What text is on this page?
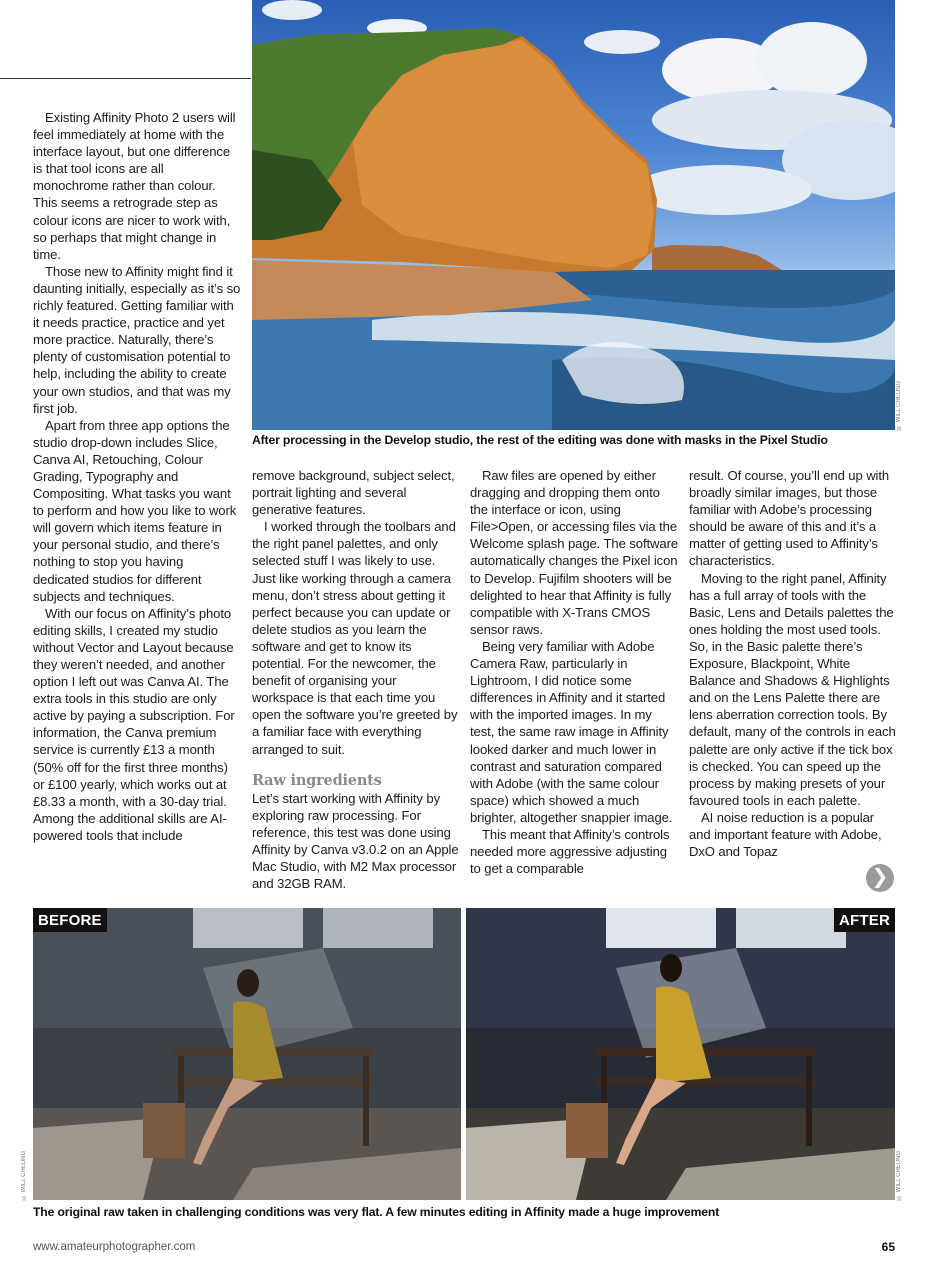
Existing Affinity Photo 2 users will feel immediately at home with the interface layout, but one difference is that tool icons are all monochrome rather than colour. This seems a retrograde step as colour icons are nicer to work with, so perhaps that might change in time.

Those new to Affinity might find it daunting initially, especially as it’s so richly featured. Getting familiar with it needs practice, practice and yet more practice. Naturally, there’s plenty of customisation potential to help, including the ability to create your own studios, and that was my first job.

Apart from three app options the studio drop-down includes Slice, Canva AI, Retouching, Colour Grading, Typography and Compositing. What tasks you want to perform and how you like to work will govern which items feature in your personal studio, and there’s nothing to stop you having dedicated studios for different subjects and techniques.

With our focus on Affinity’s photo editing skills, I created my studio without Vector and Layout because they weren’t needed, and another option I left out was Canva AI. The extra tools in this studio are only active by paying a subscription. For information, the Canva premium service is currently £13 a month (50% off for the first three months) or £100 yearly, which works out at £8.33 a month, with a 30-day trial. Among the additional skills are AI-powered tools that include

© WILL CHEUNG
After processing in the Develop studio, the rest of the editing was done with masks in the Pixel Studio

remove background, subject select, portrait lighting and several generative features.

I worked through the toolbars and the right panel palettes, and only selected stuff I was likely to use. Just like working through a camera menu, don’t stress about getting it perfect because you can update or delete studios as you learn the software and get to know its potential. For the newcomer, the benefit of organising your workspace is that each time you open the software you’re greeted by a familiar face with everything arranged to suit.

Raw ingredients

Let’s start working with Affinity by exploring raw processing. For reference, this test was done using Affinity by Canva v3.0.2 on an Apple Mac Studio, with M2 Max processor and 32GB RAM.

Raw files are opened by either dragging and dropping them onto the interface or icon, using File>Open, or accessing files via the Welcome splash page. The software automatically changes the Pixel icon to Develop. Fujifilm shooters will be delighted to hear that Affinity is fully compatible with X-Trans CMOS sensor raws.

Being very familiar with Adobe Camera Raw, particularly in Lightroom, I did notice some differences in Affinity and it started with the imported images. In my test, the same raw image in Affinity looked darker and much lower in contrast and saturation compared with Adobe (with the same colour space) which showed a much brighter, altogether snappier image.

This meant that Affinity’s controls needed more aggressive adjusting to get a comparable

result. Of course, you’ll end up with broadly similar images, but those familiar with Adobe’s processing should be aware of this and it’s a matter of getting used to Affinity’s characteristics.

Moving to the right panel, Affinity has a full array of tools with the Basic, Lens and Details palettes the ones holding the most used tools. So, in the Basic palette there’s Exposure, Blackpoint, White Balance and Shadows & Highlights and on the Lens Palette there are lens aberration correction tools. By default, many of the controls in each palette are only active if the tick box is checked. You can speed up the process by making presets of your favoured tools in each palette.

AI noise reduction is a popular and important feature with Adobe, DxO and Topaz

❯
BEFORE	AFTER
© WILL CHEUNG	© WILL CHEUNG
The original raw taken in challenging conditions was very flat. A few minutes editing in Affinity made a huge improvement
www.amateurphotographer.com	65
